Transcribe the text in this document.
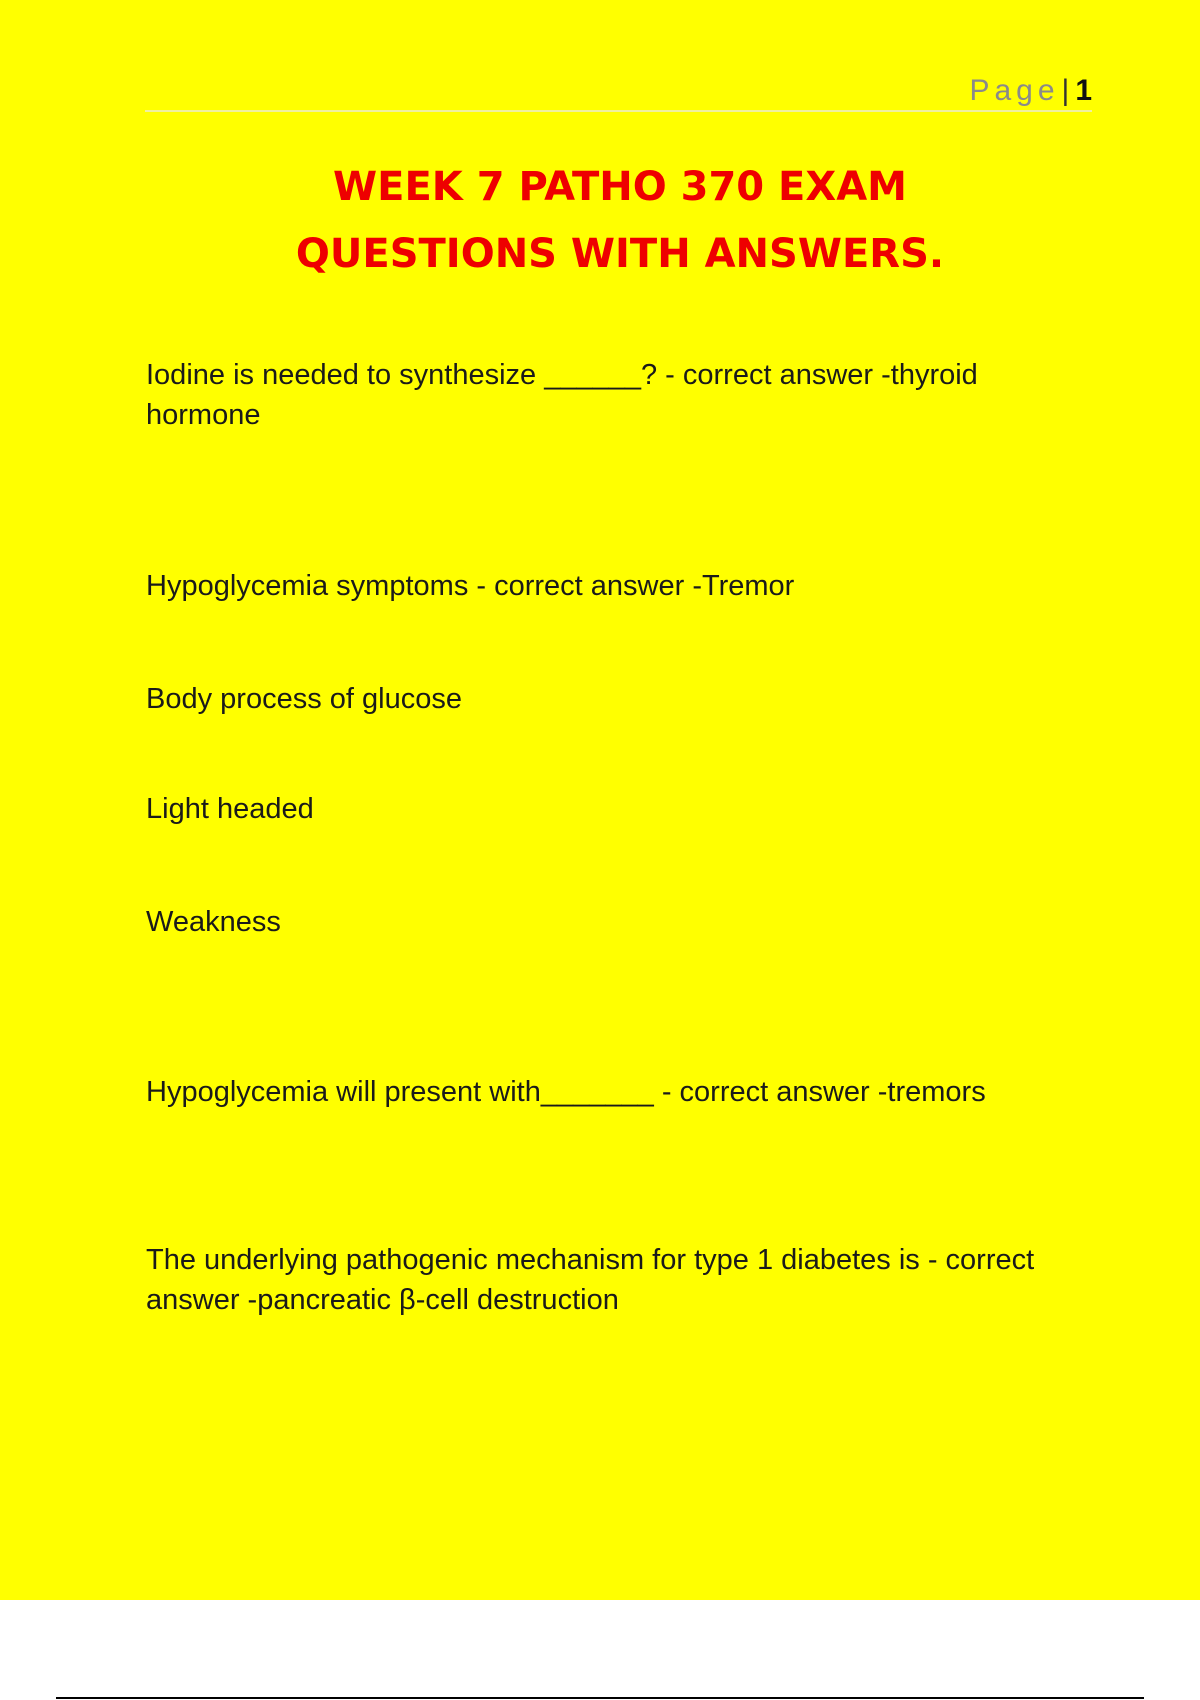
Page| 1
WEEK 7 PATHO 370 EXAM
QUESTIONS WITH ANSWERS.

Iodine is needed to synthesize ______? - correct answer -thyroid hormone

Hypoglycemia symptoms - correct answer -Tremor

Body process of glucose

Light headed

Weakness

Hypoglycemia will present with_______ - correct answer -tremors

The underlying pathogenic mechanism for type 1 diabetes is - correct answer -pancreatic β-cell destruction
